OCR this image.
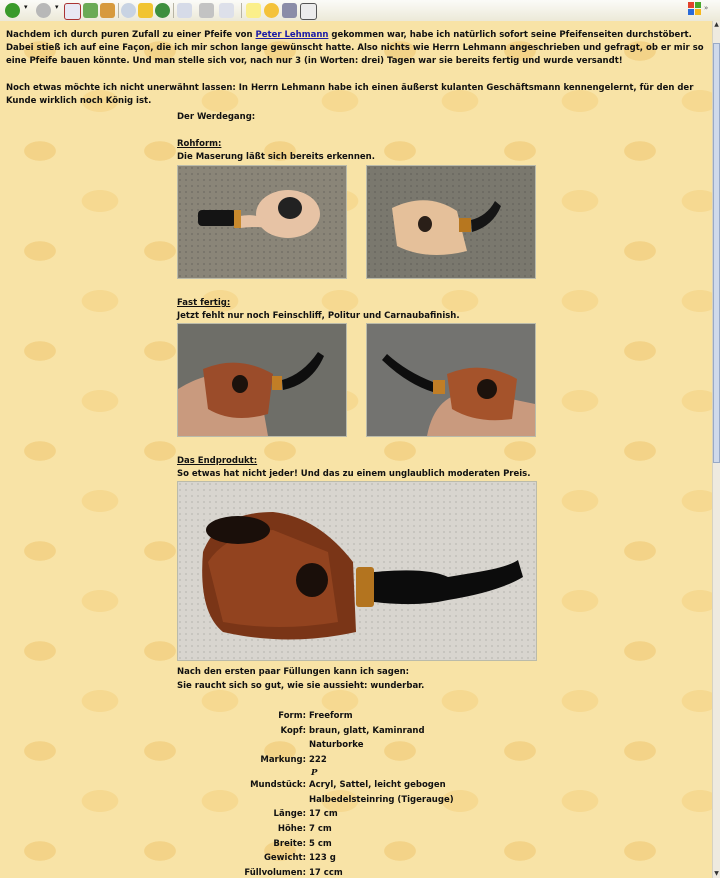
▾	▾	»

Nachdem ich durch puren Zufall zu einer Pfeife von Peter Lehmann gekommen war, habe ich natürlich sofort seine Pfeifenseiten durchstöbert. Dabei stieß ich auf eine Façon, die ich mir schon lange gewünscht hatte. Also nichts wie Herrn Lehmann angeschrieben und gefragt, ob er mir so eine Pfeife bauen könnte. Und man stelle sich vor, nach nur 3 (in Worten: drei) Tagen war sie bereits fertig und wurde versandt!

Noch etwas möchte ich nicht unerwähnt lassen: In Herrn Lehmann habe ich einen äußerst kulanten Geschäftsmann kennengelernt, für den der Kunde wirklich noch König ist.

Der Werdegang:

Rohform:

Die Maserung läßt sich bereits erkennen.

Fast fertig:

Jetzt fehlt nur noch Feinschliff, Politur und Carnaubafinish.

Das Endprodukt:

So etwas hat nicht jeder! Und das zu einem unglaublich moderaten Preis.

Nach den ersten paar Füllungen kann ich sagen:

Sie raucht sich so gut, wie sie aussieht: wunderbar.

Form: Freeform
Kopf: braun, glatt, Kaminrand Naturborke
Markung: 222
P
Mundstück: Acryl, Sattel, leicht gebogen
Halbedelsteinring (Tigerauge)
Länge: 17 cm
Höhe: 7 cm
Breite: 5 cm
Gewicht: 123 g
Füllvolumen: 17 ccm
▲
▼
